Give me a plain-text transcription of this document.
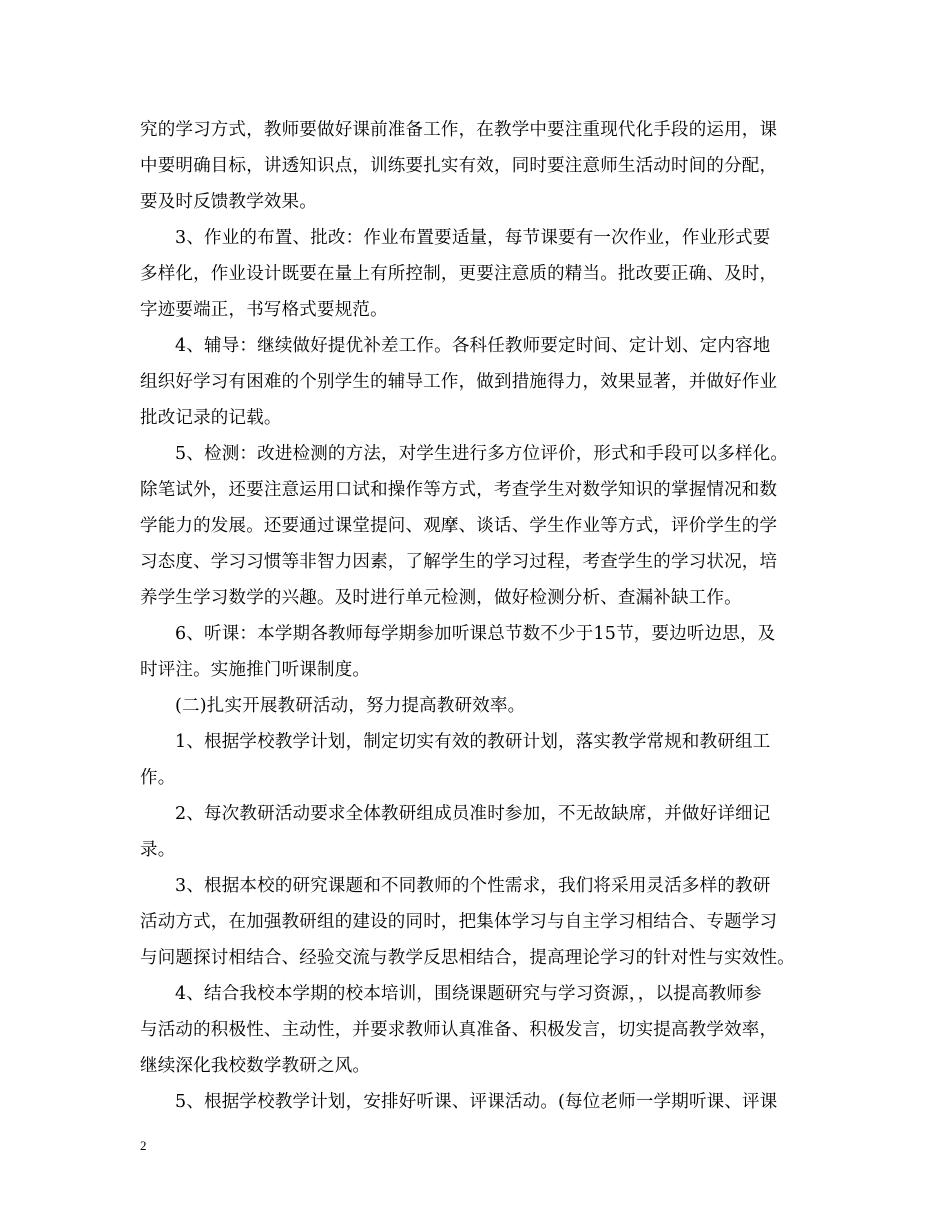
究的学习方式，教师要做好课前准备工作，在教学中要注重现代化手段的运用，课
中要明确目标，讲透知识点，训练要扎实有效，同时要注意师生活动时间的分配，
要及时反馈教学效果。
3、作业的布置、批改：作业布置要适量，每节课要有一次作业，作业形式要
多样化，作业设计既要在量上有所控制，更要注意质的精当。批改要正确、及时，
字迹要端正，书写格式要规范。
4、辅导：继续做好提优补差工作。各科任教师要定时间、定计划、定内容地
组织好学习有困难的个别学生的辅导工作，做到措施得力，效果显著，并做好作业
批改记录的记载。
5、检测：改进检测的方法，对学生进行多方位评价，形式和手段可以多样化。
除笔试外，还要注意运用口试和操作等方式，考查学生对数学知识的掌握情况和数
学能力的发展。还要通过课堂提问、观摩、谈话、学生作业等方式，评价学生的学
习态度、学习习惯等非智力因素，了解学生的学习过程，考查学生的学习状况，培
养学生学习数学的兴趣。及时进行单元检测，做好检测分析、查漏补缺工作。
6、听课：本学期各教师每学期参加听课总节数不少于15节，要边听边思，及
时评注。实施推门听课制度。
(二)扎实开展教研活动，努力提高教研效率。
1、根据学校教学计划，制定切实有效的教研计划，落实教学常规和教研组工
作。
2、每次教研活动要求全体教研组成员准时参加，不无故缺席，并做好详细记
录。
3、根据本校的研究课题和不同教师的个性需求，我们将采用灵活多样的教研
活动方式，在加强教研组的建设的同时，把集体学习与自主学习相结合、专题学习
与问题探讨相结合、经验交流与教学反思相结合，提高理论学习的针对性与实效性。
4、结合我校本学期的校本培训，围绕课题研究与学习资源，，以提高教师参
与活动的积极性、主动性，并要求教师认真准备、积极发言，切实提高教学效率，
继续深化我校数学教研之风。
5、根据学校教学计划，安排好听课、评课活动。(每位老师一学期听课、评课
2
